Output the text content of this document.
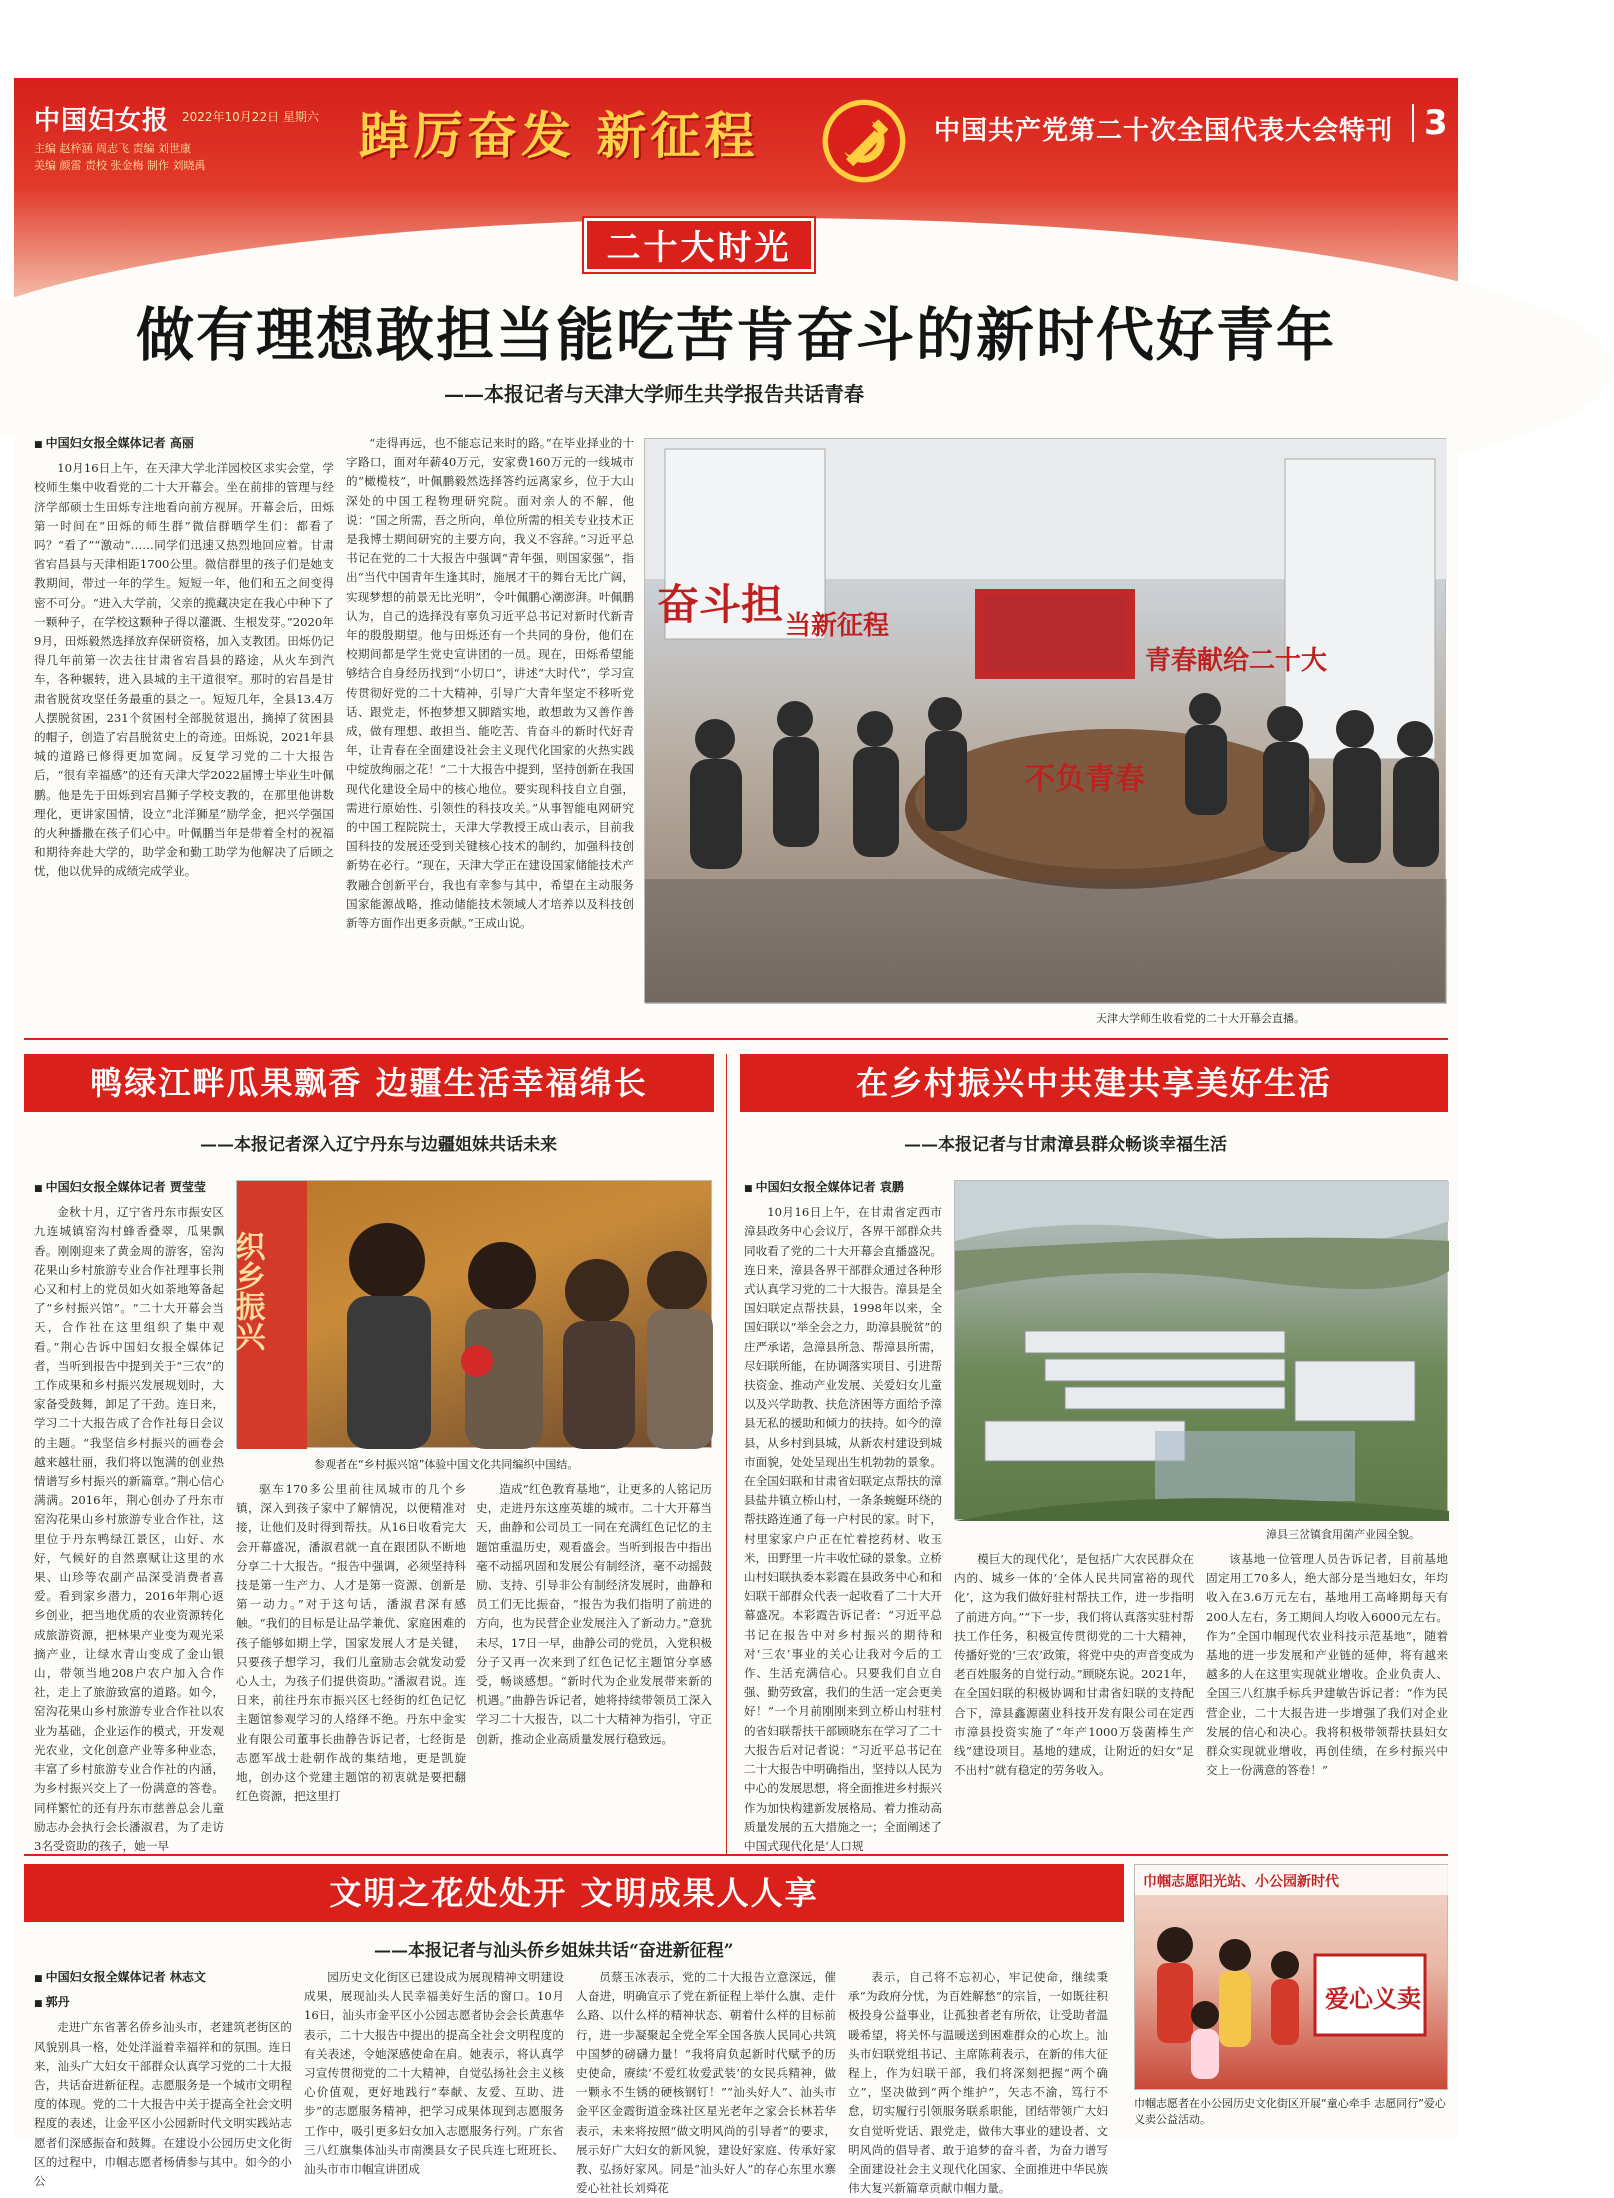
中国妇女报 2022年10月22日 星期六
主编 赵梓涵 周志飞 责编 刘世康
美编 颜雷 责校 张金梅 制作 刘晓禹
踔厉奋发 新征程	中国共产党第二十次全国代表大会特刊 3
二十大时光
做有理想敢担当能吃苦肯奋斗的新时代好青年
——本报记者与天津大学师生共学报告共话青春
■ 中国妇女报全媒体记者 高丽

10月16日上午，在天津大学北洋园校区求实会堂，学校师生集中收看党的二十大开幕会。坐在前排的管理与经济学部硕士生田烁专注地看向前方视屏。开幕会后，田烁第一时间在“田烁的师生群”微信群晒学生们：都看了吗？“看了”“激动”……同学们迅速又热烈地回应着。甘肃省宕昌县与天津相距1700公里。微信群里的孩子们是她支教期间，带过一年的学生。短短一年，他们和五之间变得密不可分。“进入大学前，父亲的揽藏决定在我心中种下了一颗种子，在学校这颗种子得以灌溉、生根发芽。”2020年9月，田烁毅然选择放弃保研资格，加入支教团。田烁仍记得几年前第一次去往甘肃省宕昌县的路途，从火车到汽车，各种辗转，进入县城的主干道很窄。那时的宕昌是甘肃省脱贫攻坚任务最重的县之一。短短几年，全县13.4万人摆脱贫困，231个贫困村全部脱贫退出，摘掉了贫困县的帽子，创造了宕昌脱贫史上的奇迹。田烁说，2021年县城的道路已修得更加宽阔。反复学习党的二十大报告后，“很有幸福感”的还有天津大学2022届博士毕业生叶佩鹏。他是先于田烁到宕昌狮子学校支教的，在那里他讲数理化，更讲家国情，设立“北洋狮星”励学金，把兴学强国的火种播撒在孩子们心中。叶佩鹏当年是带着全村的祝福和期待奔赴大学的，助学金和勤工助学为他解决了后顾之忧，他以优异的成绩完成学业。

“走得再远，也不能忘记来时的路。”在毕业择业的十字路口，面对年薪40万元，安家费160万元的一线城市的“橄榄枝”，叶佩鹏毅然选择答约远离家乡，位于大山深处的中国工程物理研究院。面对亲人的不解，他说：“国之所需，吾之所向，单位所需的相关专业技术正是我博士期间研究的主要方向，我义不容辞。”习近平总书记在党的二十大报告中强调“青年强，则国家强”，指出“当代中国青年生逢其时，施展才干的舞台无比广阔，实现梦想的前景无比光明”，令叶佩鹏心潮澎湃。叶佩鹏认为，自己的选择没有辜负习近平总书记对新时代新青年的殷殷期望。他与田烁还有一个共同的身份，他们在校期间都是学生党史宣讲团的一员。现在，田烁希望能够结合自身经历找到“小切口”，讲述“大时代”，学习宣传贯彻好党的二十大精神，引导广大青年坚定不移听党话、跟党走，怀抱梦想又脚踏实地，敢想敢为又善作善成，做有理想、敢担当、能吃苦、肯奋斗的新时代好青年，让青春在全面建设社会主义现代化国家的火热实践中绽放绚丽之花！“二十大报告中提到，坚持创新在我国现代化建设全局中的核心地位。要实现科技自立自强，需进行原始性、引领性的科技攻关。”从事智能电网研究的中国工程院院士，天津大学教授王成山表示，目前我国科技的发展还受到关键核心技术的制约，加强科技创新势在必行。“现在，天津大学正在建设国家储能技术产教融合创新平台，我也有幸参与其中，希望在主动服务国家能源战略，推动储能技术领域人才培养以及科技创新等方面作出更多贡献。”王成山说。

奋斗担 当新征程
青春献给二十大
不负青春
天津大学师生收看党的二十大开幕会直播。
鸭绿江畔瓜果飘香 边疆生活幸福绵长
——本报记者深入辽宁丹东与边疆姐妹共话未来
■ 中国妇女报全媒体记者 贾莹莹

金秋十月，辽宁省丹东市振安区九连城镇窑沟村蜂香叠翠，瓜果飘香。刚刚迎来了黄金周的游客，窑沟花果山乡村旅游专业合作社理事长荆心又和村上的党员如火如荼地筹备起了“乡村振兴馆”。“二十大开幕会当天，合作社在这里组织了集中观看。”荆心告诉中国妇女报全媒体记者，当听到报告中提到关于“三农”的工作成果和乡村振兴发展规划时，大家备受鼓舞，卸足了干劲。连日来，学习二十大报告成了合作社每日会议的主题。“我坚信乡村振兴的画卷会越来越壮丽，我们将以饱满的创业热情谱写乡村振兴的新篇章。”荆心信心满满。2016年，荆心创办了丹东市窑沟花果山乡村旅游专业合作社，这里位于丹东鸭绿江景区，山好、水好，气候好的自然禀赋让这里的水果、山珍等农副产品深受消费者喜爱。看到家乡潜力，2016年荆心返乡创业，把当地优质的农业资源转化成旅游资源，把林果产业变为观光采摘产业，让绿水青山变成了金山银山，带领当地208户农户加入合作社，走上了旅游致富的道路。如今，窑沟花果山乡村旅游专业合作社以农业为基础，企业运作的模式，开发观光农业，文化创意产业等多种业态，丰富了乡村旅游专业合作社的内涵，为乡村振兴交上了一份满意的答卷。同样繁忙的还有丹东市慈善总会儿童励志办会执行会长潘淑君，为了走访3名受资助的孩子，她一早

织乡振兴
参观者在“乡村振兴馆”体验中国文化共同编织中国结。

驱车170多公里前往凤城市的几个乡镇，深入到孩子家中了解情况，以便精准对接，让他们及时得到帮扶。从16日收看完大会开幕盛况，潘淑君就一直在跟团队不断地分享二十大报告。“报告中强调，必须坚持科技是第一生产力、人才是第一资源、创新是第一动力。”对于这句话，潘淑君深有感触。“我们的目标是让品学兼优、家庭困难的孩子能够如期上学，国家发展人才是关键，只要孩子想学习，我们儿童励志会就发动爱心人士，为孩子们提供资助。”潘淑君说。连日来，前往丹东市振兴区七经街的红色记忆主题馆参观学习的人络绎不绝。丹东中金实业有限公司董事长曲静告诉记者，七经街是志愿军战士赴朝作战的集结地，更是凯旋地，创办这个党建主题馆的初衷就是要把翻红色资源，把这里打

造成“红色教育基地”，让更多的人铭记历史，走进丹东这座英雄的城市。二十大开幕当天，曲静和公司员工一同在充满红色记忆的主题馆重温历史，观看盛会。当听到报告中指出毫不动摇巩固和发展公有制经济，毫不动摇鼓励、支持、引导非公有制经济发展时，曲静和员工们无比振奋，“报告为我们指明了前进的方向，也为民营企业发展注入了新动力。”意犹未尽，17日一早，曲静公司的党员，入党积极分子又再一次来到了红色记忆主题馆分享感受，畅谈感想。“新时代为企业发展带来新的机遇。”曲静告诉记者，她将持续带领员工深入学习二十大报告，以二十大精神为指引，守正创新，推动企业高质量发展行稳致远。

在乡村振兴中共建共享美好生活
——本报记者与甘肃漳县群众畅谈幸福生活
■ 中国妇女报全媒体记者 袁鹏

10月16日上午，在甘肃省定西市漳县政务中心会议厅，各界干部群众共同收看了党的二十大开幕会直播盛况。连日来，漳县各界干部群众通过各种形式认真学习党的二十大报告。漳县是全国妇联定点帮扶县，1998年以来，全国妇联以“举全会之力，助漳县脱贫”的庄严承诺，急漳县所急、帮漳县所需，尽妇联所能，在协调落实项目、引进帮扶资金、推动产业发展、关爱妇女儿童以及兴学助教、扶危济困等方面给予漳县无私的援助和倾力的扶持。如今的漳县，从乡村到县城，从新农村建设到城市面貌，处处呈现出生机勃勃的景象。在全国妇联和甘肃省妇联定点帮扶的漳县盐井镇立桥山村，一条条蜿蜒环绕的帮扶路连通了每一户村民的家。时下，村里家家户户正在忙着挖药材、收玉米，田野里一片丰收忙碌的景象。立桥山村妇联执委本彩霞在县政务中心和和妇联干部群众代表一起收看了二十大开幕盛况。本彩霞告诉记者：“习近平总书记在报告中对乡村振兴的期待和对‘三农’事业的关心让我对今后的工作、生活充满信心。只要我们自立自强、勤劳致富，我们的生活一定会更美好！”一个月前刚刚来到立桥山村驻村的省妇联帮扶干部顾晓东在学习了二十大报告后对记者说：“习近平总书记在二十大报告中明确指出，坚持以人民为中心的发展思想，将全面推进乡村振兴作为加快构建新发展格局、着力推动高质量发展的五大措施之一；全面阐述了中国式现代化是‘人口规

漳县三岔镇食用菌产业园全貌。

模巨大的现代化’，是包括广大农民群众在内的、城乡一体的‘全体人民共同富裕的现代化’，这为我们做好驻村帮扶工作，进一步指明了前进方向。”“下一步，我们将认真落实驻村帮扶工作任务，积极宣传贯彻党的二十大精神，传播好党的‘三农’政策，将党中央的声音变成为老百姓服务的自觉行动。”顾晓东说。2021年，在全国妇联的积极协调和甘肃省妇联的支持配合下，漳县鑫源菌业科技开发有限公司在定西市漳县投资实施了“年产1000万袋菌棒生产线”建设项目。基地的建成，让附近的妇女“足不出村”就有稳定的劳务收入。

该基地一位管理人员告诉记者，目前基地固定用工70多人，绝大部分是当地妇女，年均收入在3.6万元左右，基地用工高峰期每天有200人左右，务工期间人均收入6000元左右。作为“全国巾帼现代农业科技示范基地”，随着基地的进一步发展和产业链的延伸，将有越来越多的人在这里实现就业增收。企业负责人、全国三八红旗手标兵尹建敏告诉记者：“作为民营企业，二十大报告进一步增强了我们对企业发展的信心和决心。我将积极带领帮扶县妇女群众实现就业增收，再创佳绩，在乡村振兴中交上一份满意的答卷！”

文明之花处处开 文明成果人人享
——本报记者与汕头侨乡姐妹共话“奋进新征程”
■ 中国妇女报全媒体记者 林志文
■ 郭丹

走进广东省著名侨乡汕头市，老建筑老街区的风貌别具一格，处处洋溢着幸福祥和的氛围。连日来，汕头广大妇女干部群众认真学习党的二十大报告，共话奋进新征程。志愿服务是一个城市文明程度的体现。党的二十大报告中关于提高全社会文明程度的表述，让金平区小公园新时代文明实践站志愿者们深感振奋和鼓舞。在建设小公园历史文化街区的过程中，巾帼志愿者杨倩参与其中。如今的小公

园历史文化街区已建设成为展现精神文明建设成果，展现汕头人民幸福美好生活的窗口。10月16日，汕头市金平区小公园志愿者协会会长黄惠华表示，二十大报告中提出的提高全社会文明程度的有关表述，令她深感使命在肩。她表示，将认真学习宣传贯彻党的二十大精神，自觉弘扬社会主义核心价值观，更好地践行“奉献、友爱、互助、进步”的志愿服务精神，把学习成果体现到志愿服务工作中，吸引更多妇女加入志愿服务行列。广东省三八红旗集体汕头市南澳县女子民兵连七班班长、汕头市市巾帼宣讲团成

员蔡玉冰表示，党的二十大报告立意深远，催人奋进，明确宣示了党在新征程上举什么旗、走什么路、以什么样的精神状态、朝着什么样的目标前行，进一步凝聚起全党全军全国各族人民同心共筑中国梦的磅礴力量！“我将肩负起新时代赋予的历史使命，赓续‘不爱红妆爱武装’的女民兵精神，做一颗永不生锈的硬核钢钉！”“汕头好人”、汕头市金平区金霞街道金珠社区星光老年之家会长林若华表示，未来将按照“做文明风尚的引导者”的要求，展示好广大妇女的新风貌，建设好家庭、传承好家教、弘扬好家风。同是“汕头好人”的存心东里水寨爱心社社长刘舜花

表示，自己将不忘初心，牢记使命，继续秉承“为政府分忧，为百姓解愁”的宗旨，一如既往积极投身公益事业，让孤独者老有所依，让受助者温暖希望，将关怀与温暖送到困难群众的心坎上。汕头市妇联党组书记、主席陈莉表示，在新的伟大征程上，作为妇联干部，我们将深刻把握“两个确立”，坚决做到“两个维护”，矢志不渝，笃行不怠，切实履行引领服务联系职能，团结带领广大妇女自觉听党话、跟党走，做伟大事业的建设者、文明风尚的倡导者、敢于追梦的奋斗者，为奋力谱写全面建设社会主义现代化国家、全面推进中华民族伟大复兴新篇章贡献巾帼力量。

巾帼志愿阳光站、小公园新时代
爱心义卖
巾帼志愿者在小公园历史文化街区开展“童心牵手 志愿同行”爱心义卖公益活动。
